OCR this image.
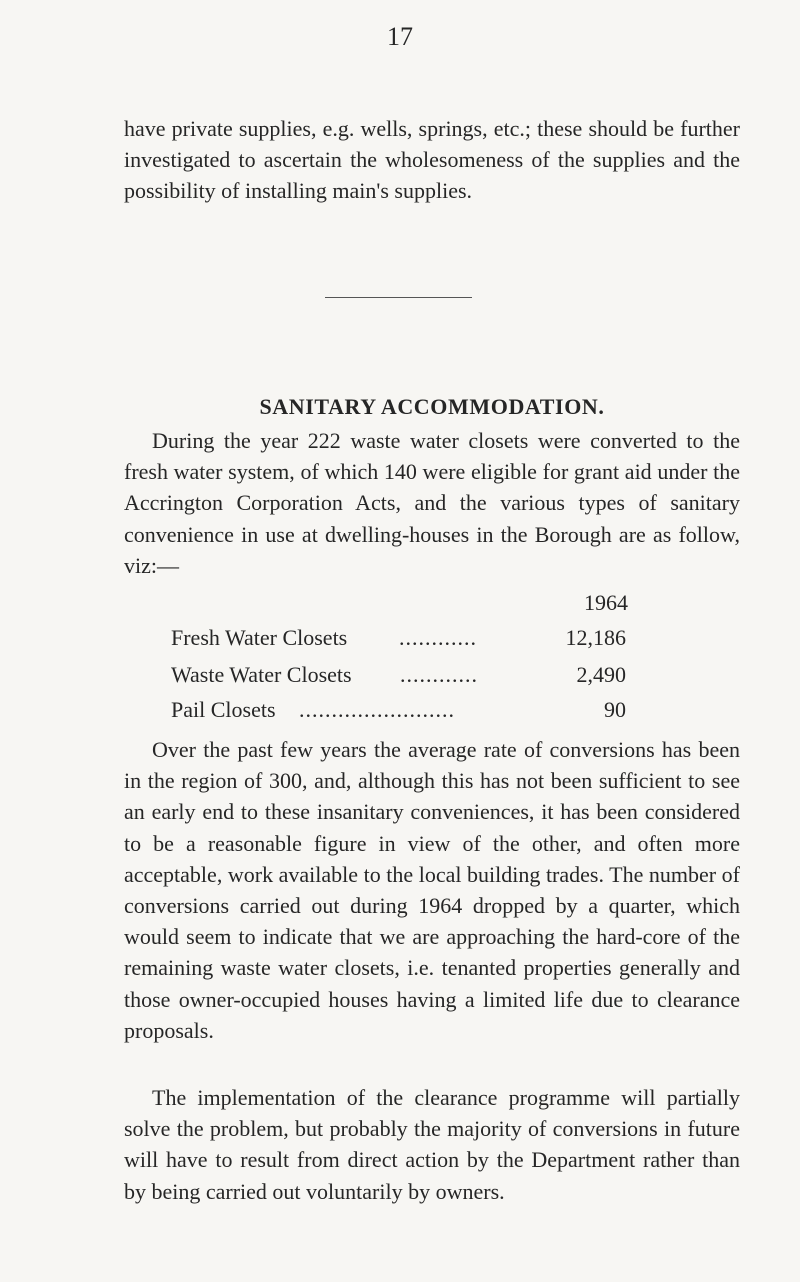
17

have private supplies, e.g. wells, springs, etc.; these should be further investigated to ascertain the wholesomeness of the supplies and the possibility of installing main's supplies.

SANITARY ACCOMMODATION.

During the year 222 waste water closets were converted to the fresh water system, of which 140 were eligible for grant aid under the Accrington Corporation Acts, and the various types of sanitary convenience in use at dwelling-houses in the Borough are as follow, viz:—

1964
Fresh Water Closets ............	12,186
Waste Water Closets ............	2,490
Pail Closets ........................	90

Over the past few years the average rate of conversions has been in the region of 300, and, although this has not been sufficient to see an early end to these insanitary conveniences, it has been considered to be a reasonable figure in view of the other, and often more acceptable, work available to the local building trades. The number of conversions carried out during 1964 dropped by a quarter, which would seem to indicate that we are approaching the hard-core of the remaining waste water closets, i.e. tenanted properties generally and those owner-occupied houses having a limited life due to clearance proposals.

The implementation of the clearance programme will partially solve the problem, but probably the majority of conversions in future will have to result from direct action by the Department rather than by being carried out voluntarily by owners.
